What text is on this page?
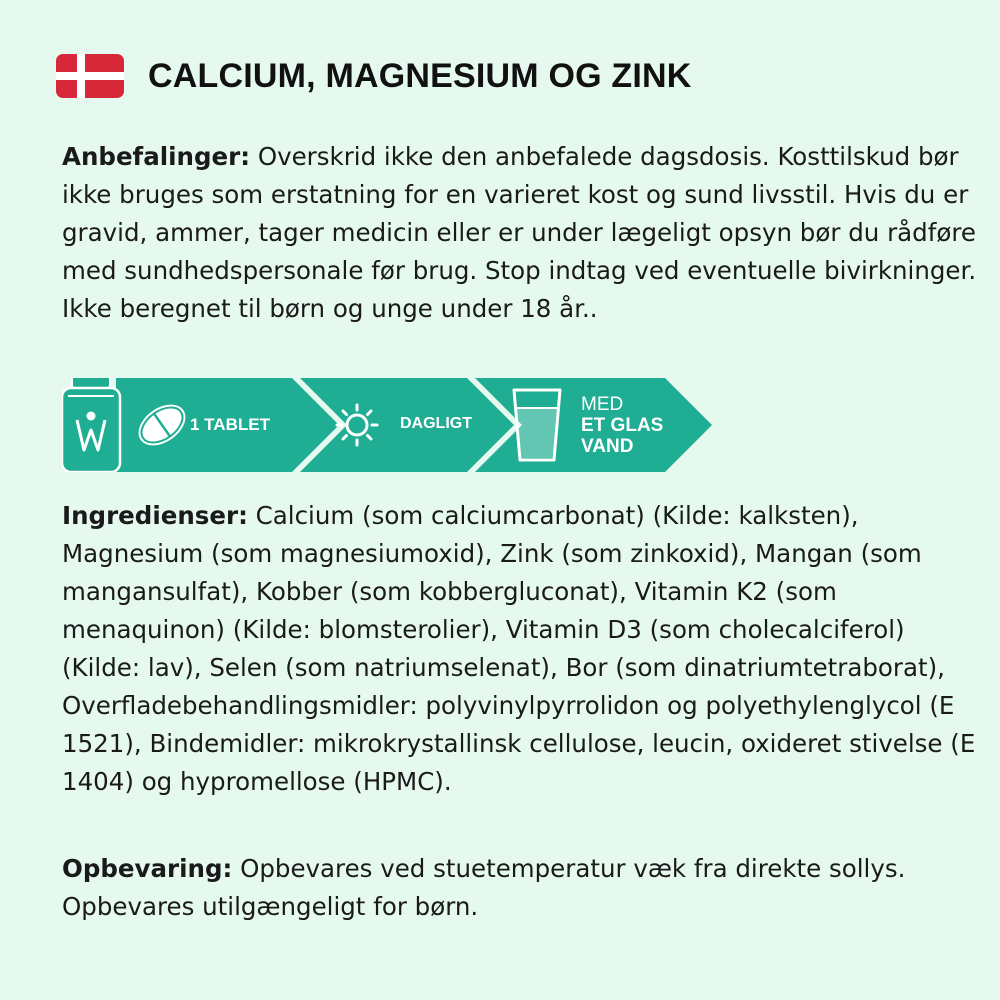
CALCIUM, MAGNESIUM OG ZINK

Anbefalinger: Overskrid ikke den anbefalede dagsdosis. Kosttilskud bør ikke bruges som erstatning for en varieret kost og sund livsstil. Hvis du er gravid, ammer, tager medicin eller er under lægeligt opsyn bør du rådføre med sundhedspersonale før brug. Stop indtag ved eventuelle bivirkninger. Ikke beregnet til børn og unge under 18 år..

1 TABLET	DAGLIGT
MED
ET GLAS
VAND

Ingredienser: Calcium (som calciumcarbonat) (Kilde: kalksten), Magnesium (som magnesiumoxid), Zink (som zinkoxid), Mangan (som mangansulfat), Kobber (som kobbergluconat), Vitamin K2 (som menaquinon) (Kilde: blomsterolier), Vitamin D3 (som cholecalciferol) (Kilde: lav), Selen (som natriumselenat), Bor (som dinatriumtetraborat), Overfladebehandlingsmidler: polyvinylpyrrolidon og polyethylenglycol (E 1521), Bindemidler: mikrokrystallinsk cellulose, leucin, oxideret stivelse (E 1404) og hypromellose (HPMC).

Opbevaring: Opbevares ved stuetemperatur væk fra direkte sollys. Opbevares utilgængeligt for børn.
